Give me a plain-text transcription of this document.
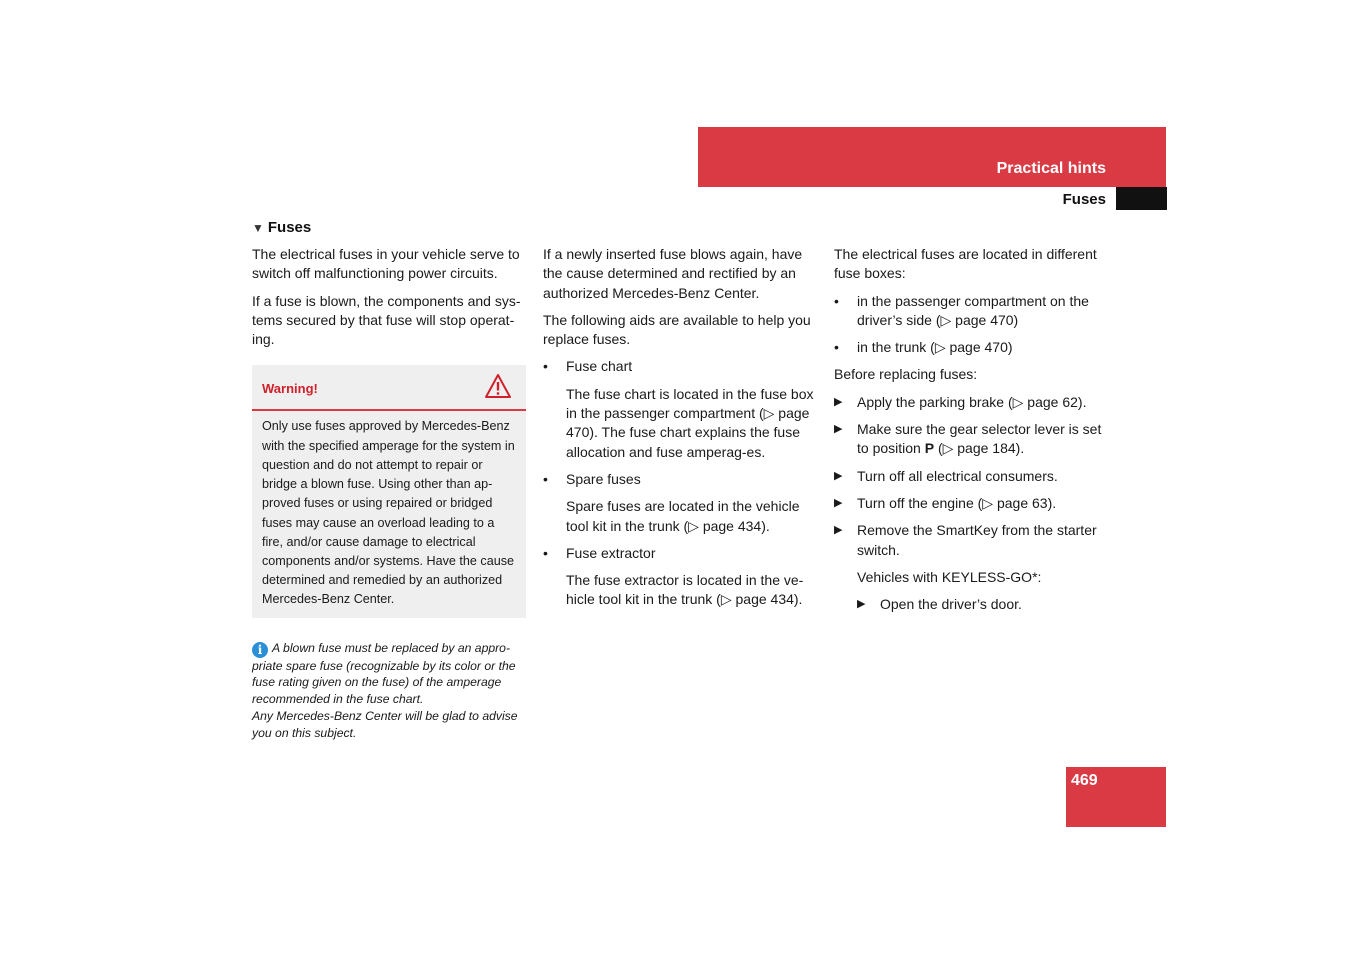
Practical hints
Fuses
▼ Fuses

The electrical fuses in your vehicle serve to switch off malfunctioning power circuits.

If a fuse is blown, the components and sys-tems secured by that fuse will stop operat-ing.

Warning!
Only use fuses approved by Mercedes-Benz with the specified amperage for the system in question and do not attempt to repair or bridge a blown fuse. Using other than ap-proved fuses or using repaired or bridged fuses may cause an overload leading to a fire, and/or cause damage to electrical components and/or systems. Have the cause determined and remedied by an authorized Mercedes-Benz Center.
i A blown fuse must be replaced by an appro-priate spare fuse (recognizable by its color or the fuse rating given on the fuse) of the amperage recommended in the fuse chart.
Any Mercedes-Benz Center will be glad to advise you on this subject.

If a newly inserted fuse blows again, have the cause determined and rectified by an authorized Mercedes-Benz Center.

The following aids are available to help you replace fuses.

•	Fuse chart
The fuse chart is located in the fuse box in the passenger compartment (▷ page 470). The fuse chart explains the fuse allocation and fuse amperag-es.
•	Spare fuses
Spare fuses are located in the vehicle tool kit in the trunk (▷ page 434).
•	Fuse extractor
The fuse extractor is located in the ve-hicle tool kit in the trunk (▷ page 434).

The electrical fuses are located in different fuse boxes:

•	in the passenger compartment on the driver’s side (▷ page 470)
•	in the trunk (▷ page 470)

Before replacing fuses:

▶	Apply the parking brake (▷ page 62).
▶	Make sure the gear selector lever is set to position P (▷ page 184).
▶	Turn off all electrical consumers.
▶	Turn off the engine (▷ page 63).
▶	Remove the SmartKey from the starter switch.
Vehicles with KEYLESS-GO*:
▶	Open the driver’s door.
469
